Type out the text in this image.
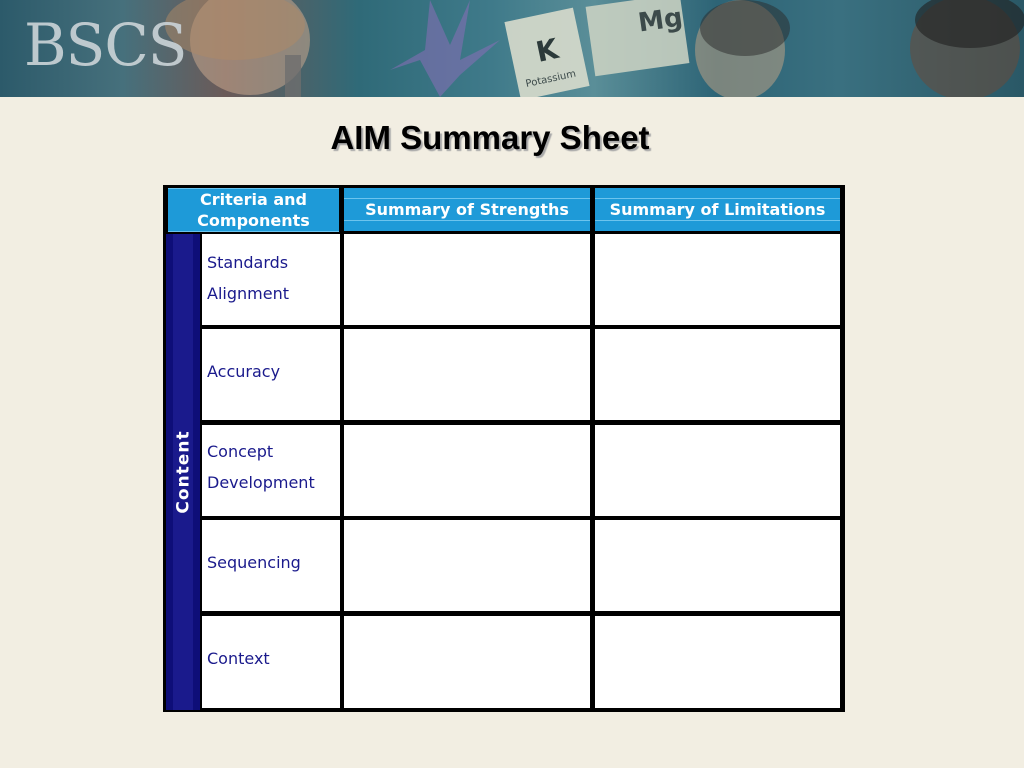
K
Mg
Potassium
BSCS
AIM Summary Sheet
Criteria and Components
Summary of Strengths	Summary of Limitations
Content
Standards Alignment
Accuracy
Concept Development
Sequencing
Context
